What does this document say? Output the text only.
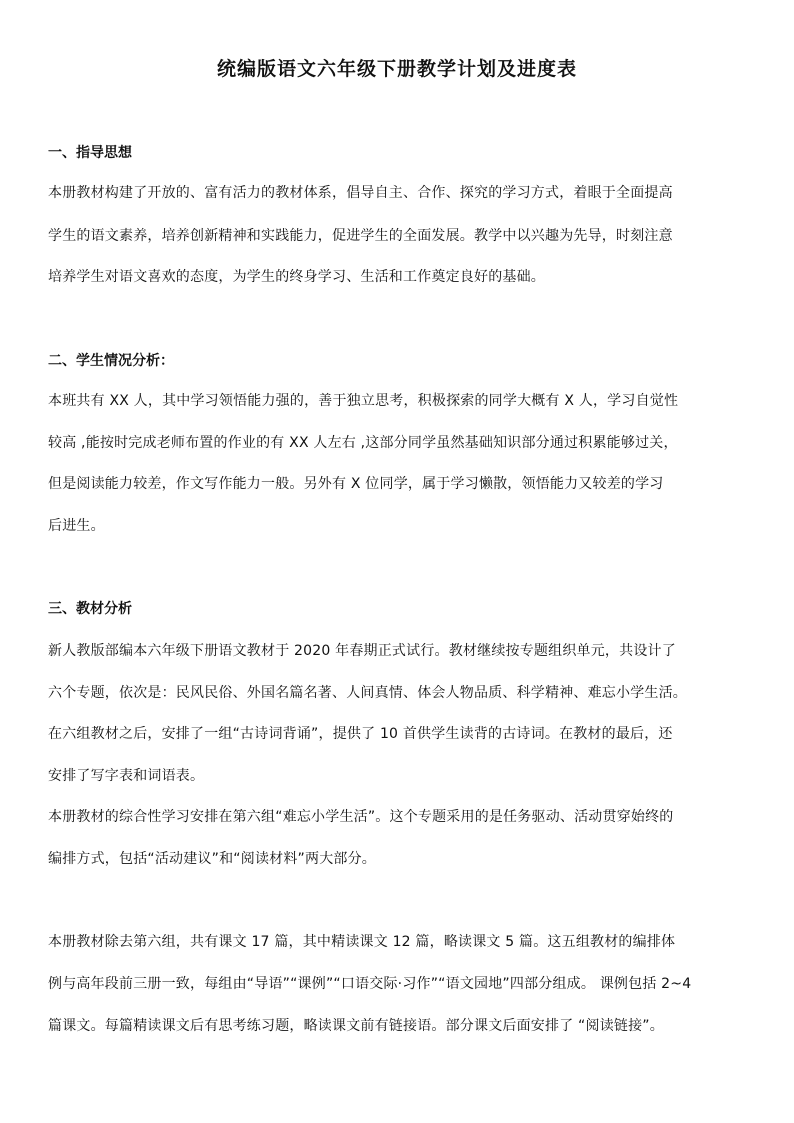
统编版语文六年级下册教学计划及进度表
一、指导思想
本册教材构建了开放的、富有活力的教材体系，倡导自主、合作、探究的学习方式，着眼于全面提高
学生的语文素养，培养创新精神和实践能力，促进学生的全面发展。教学中以兴趣为先导，时刻注意
培养学生对语文喜欢的态度，为学生的终身学习、生活和工作奠定良好的基础。
二、学生情况分析：
本班共有 XX 人，其中学习领悟能力强的，善于独立思考，积极探索的同学大概有 X 人，学习自觉性
较高 ,能按时完成老师布置的作业的有 XX 人左右 ,这部分同学虽然基础知识部分通过积累能够过关，
但是阅读能力较差，作文写作能力一般。另外有 X 位同学，属于学习懒散，领悟能力又较差的学习
后进生。
三、教材分析
新人教版部编本六年级下册语文教材于 2020 年春期正式试行。教材继续按专题组织单元，共设计了
六个专题，依次是：民风民俗、外国名篇名著、人间真情、体会人物品质、科学精神、难忘小学生活。
在六组教材之后，安排了一组“古诗词背诵”，提供了 10 首供学生读背的古诗词。在教材的最后，还
安排了写字表和词语表。
本册教材的综合性学习安排在第六组“难忘小学生活”。这个专题采用的是任务驱动、活动贯穿始终的
编排方式，包括“活动建议”和“阅读材料”两大部分。
本册教材除去第六组，共有课文 17 篇，其中精读课文 12 篇，略读课文 5 篇。这五组教材的编排体
例与高年段前三册一致，每组由“导语”“课例”“口语交际·习作”“语文园地”四部分组成。 课例包括 2~4
篇课文。每篇精读课文后有思考练习题，略读课文前有链接语。部分课文后面安排了 “阅读链接”。
